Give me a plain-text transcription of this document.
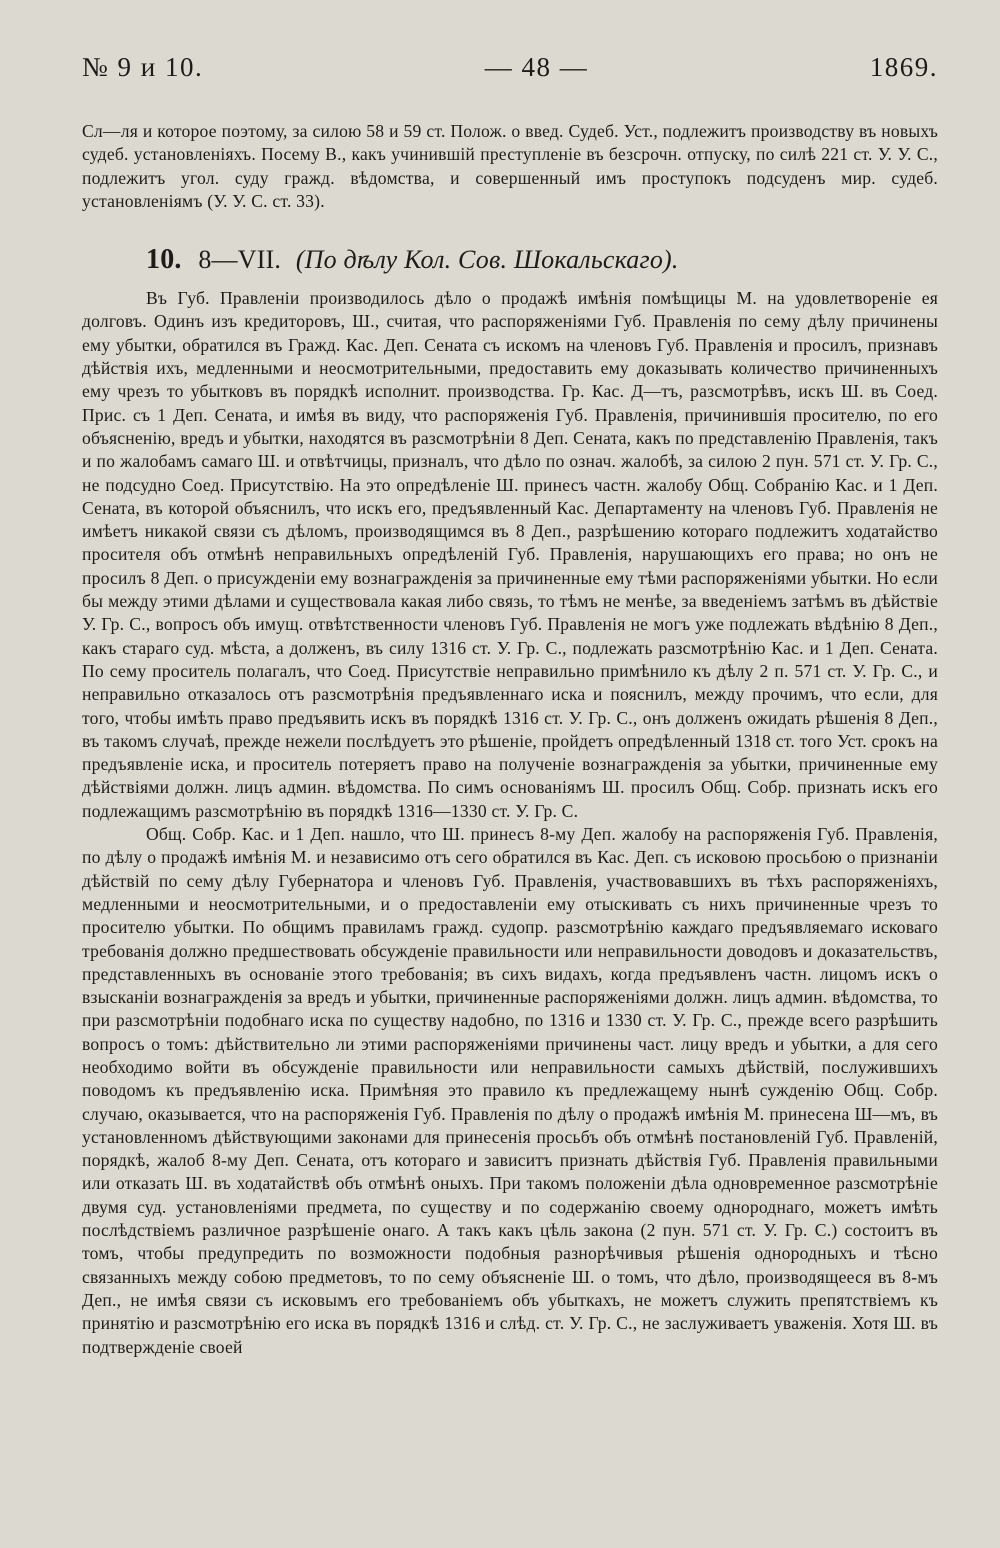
№ 9 и 10.	— 48 —	1869.

Сл—ля и которое поэтому, за силою 58 и 59 ст. Полож. о введ. Судеб. Уст., подлежитъ производству въ новыхъ судеб. установленіяхъ. Посему В., какъ учинившій преступленіе въ безсрочн. отпуску, по силѣ 221 ст. У. У. С., подлежитъ угол. суду гражд. вѣдомства, и совершенный имъ проступокъ подсуденъ мир. судеб. установленіямъ (У. У. С. ст. 33).

10. 8—VII. (По дѣлу Кол. Сов. Шокальскаго).

Въ Губ. Правленіи производилось дѣло о продажѣ имѣнія помѣщицы М. на удовлетвореніе ея долговъ. Одинъ изъ кредиторовъ, Ш., считая, что распоряженіями Губ. Правленія по сему дѣлу причинены ему убытки, обратился въ Гражд. Кас. Деп. Сената съ искомъ на членовъ Губ. Правленія и просилъ, признавъ дѣйствія ихъ, медленными и неосмотрительными, предоставить ему доказывать количество причиненныхъ ему чрезъ то убытковъ въ порядкѣ исполнит. производства. Гр. Кас. Д—тъ, разсмотрѣвъ, искъ Ш. въ Соед. Прис. съ 1 Деп. Сената, и имѣя въ виду, что распоряженія Губ. Правленія, причинившія просителю, по его объясненію, вредъ и убытки, находятся въ разсмотрѣніи 8 Деп. Сената, какъ по представленію Правленія, такъ и по жалобамъ самаго Ш. и отвѣтчицы, призналъ, что дѣло по означ. жалобѣ, за силою 2 пун. 571 ст. У. Гр. С., не подсудно Соед. Присутствію. На это опредѣленіе Ш. принесъ частн. жалобу Общ. Собранію Кас. и 1 Деп. Сената, въ которой объяснилъ, что искъ его, предъявленный Кас. Департаменту на членовъ Губ. Правленія не имѣетъ никакой связи съ дѣломъ, производящимся въ 8 Деп., разрѣшению котораго подлежитъ ходатайство просителя объ отмѣнѣ неправильныхъ опредѣленій Губ. Правленія, нарушающихъ его права; но онъ не просилъ 8 Деп. о присужденіи ему вознагражденія за причиненные ему тѣми распоряженіями убытки. Но если бы между этими дѣлами и существовала какая либо связь, то тѣмъ не менѣе, за введеніемъ затѣмъ въ дѣйствіе У. Гр. С., вопросъ объ имущ. отвѣтственности членовъ Губ. Правленія не могъ уже подлежать вѣдѣнію 8 Деп., какъ стараго суд. мѣста, а долженъ, въ силу 1316 ст. У. Гр. С., подлежать разсмотрѣнію Кас. и 1 Деп. Сената. По сему проситель полагалъ, что Соед. Присутствіе неправильно примѣнило къ дѣлу 2 п. 571 ст. У. Гр. С., и неправильно отказалось отъ разсмотрѣнія предъявленнаго иска и пояснилъ, между прочимъ, что если, для того, чтобы имѣть право предъявить искъ въ порядкѣ 1316 ст. У. Гр. С., онъ долженъ ожидать рѣшенія 8 Деп., въ такомъ случаѣ, прежде нежели послѣдуетъ это рѣшеніе, пройдетъ опредѣленный 1318 ст. того Уст. срокъ на предъявленіе иска, и проситель потеряетъ право на полученіе вознагражденія за убытки, причиненные ему дѣйствіями должн. лицъ админ. вѣдомства. По симъ основаніямъ Ш. просилъ Общ. Собр. признать искъ его подлежащимъ разсмотрѣнію въ порядкѣ 1316—1330 ст. У. Гр. С.

Общ. Собр. Кас. и 1 Деп. нашло, что Ш. принесъ 8-му Деп. жалобу на распоряженія Губ. Правленія, по дѣлу о продажѣ имѣнія М. и независимо отъ сего обратился въ Кас. Деп. съ исковою просьбою о признаніи дѣйствій по сему дѣлу Губернатора и членовъ Губ. Правленія, участвовавшихъ въ тѣхъ распоряженіяхъ, медленными и неосмотрительными, и о предоставленіи ему отыскивать съ нихъ причиненные чрезъ то просителю убытки. По общимъ правиламъ гражд. судопр. разсмотрѣнію каждаго предъявляемаго исковаго требованія должно предшествовать обсужденіе правильности или неправильности доводовъ и доказательствъ, представленныхъ въ основаніе этого требованія; въ сихъ видахъ, когда предъявленъ частн. лицомъ искъ о взысканіи вознагражденія за вредъ и убытки, причиненные распоряженіями должн. лицъ админ. вѣдомства, то при разсмотрѣніи подобнаго иска по существу надобно, по 1316 и 1330 ст. У. Гр. С., прежде всего разрѣшить вопросъ о томъ: дѣйствительно ли этими распоряженіями причинены част. лицу вредъ и убытки, а для сего необходимо войти въ обсужденіе правильности или неправильности самыхъ дѣйствій, послужившихъ поводомъ къ предъявленію иска. Примѣняя это правило къ предлежащему нынѣ сужденію Общ. Собр. случаю, оказывается, что на распоряженія Губ. Правленія по дѣлу о продажѣ имѣнія М. принесена Ш—мъ, въ установленномъ дѣйствующими законами для принесенія просьбъ объ отмѣнѣ постановленій Губ. Правленій, порядкѣ, жалоб 8-му Деп. Сената, отъ котораго и зависитъ признать дѣйствія Губ. Правленія правильными или отказать Ш. въ ходатайствѣ объ отмѣнѣ оныхъ. При такомъ положеніи дѣла одновременное разсмотрѣніе двумя суд. установленіями предмета, по существу и по содержанію своему однороднаго, можетъ имѣть послѣдствіемъ различное разрѣшеніе онаго. А такъ какъ цѣль закона (2 пун. 571 ст. У. Гр. С.) состоитъ въ томъ, чтобы предупредить по возможности подобныя разнорѣчивыя рѣшенія однородныхъ и тѣсно связанныхъ между собою предметовъ, то по сему объясненіе Ш. о томъ, что дѣло, производящееся въ 8-мъ Деп., не имѣя связи съ исковымъ его требованіемъ объ убыткахъ, не можетъ служить препятствіемъ къ принятію и разсмотрѣнію его иска въ порядкѣ 1316 и слѣд. ст. У. Гр. С., не заслуживаетъ уваженія. Хотя Ш. въ подтвержденіе своей
